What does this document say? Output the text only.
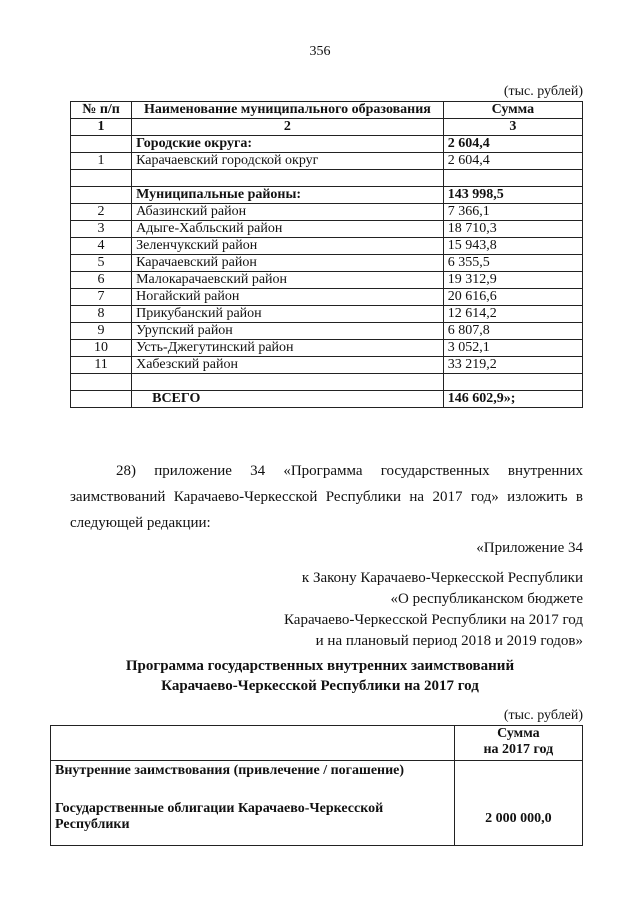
356
(тыс. рублей)
№ п/п	Наименование муниципального образования	Сумма
1	2	3
	Городские округа:	2 604,4
1	Карачаевский городской округ	2 604,4

	Муниципальные районы:	143 998,5
2	Абазинский район	7 366,1
3	Адыге-Хабльский район	18 710,3
4	Зеленчукский район	15 943,8
5	Карачаевский район	6 355,5
6	Малокарачаевский район	19 312,9
7	Ногайский район	20 616,6
8	Прикубанский район	12 614,2
9	Урупский район	6 807,8
10	Усть-Джегутинский район	3 052,1
11	Хабезский район	33 219,2

	ВСЕГО	146 602,9»;
28) приложение 34 «Программа государственных внутренних заимствований Карачаево-Черкесской Республики на 2017 год» изложить в следующей редакции:
«Приложение 34
к Закону Карачаево-Черкесской Республики
«О республиканском бюджете
Карачаево-Черкесской Республики на 2017 год
и на плановый период 2018 и 2019 годов»
Программа государственных внутренних заимствований
Карачаево-Черкесской Республики на 2017 год
(тыс. рублей)

	Сумма
на 2017 год

Внутренние заимствования (привлечение / погашение)
Государственные облигации Карачаево-Черкесской Республики	2 000 000,0
